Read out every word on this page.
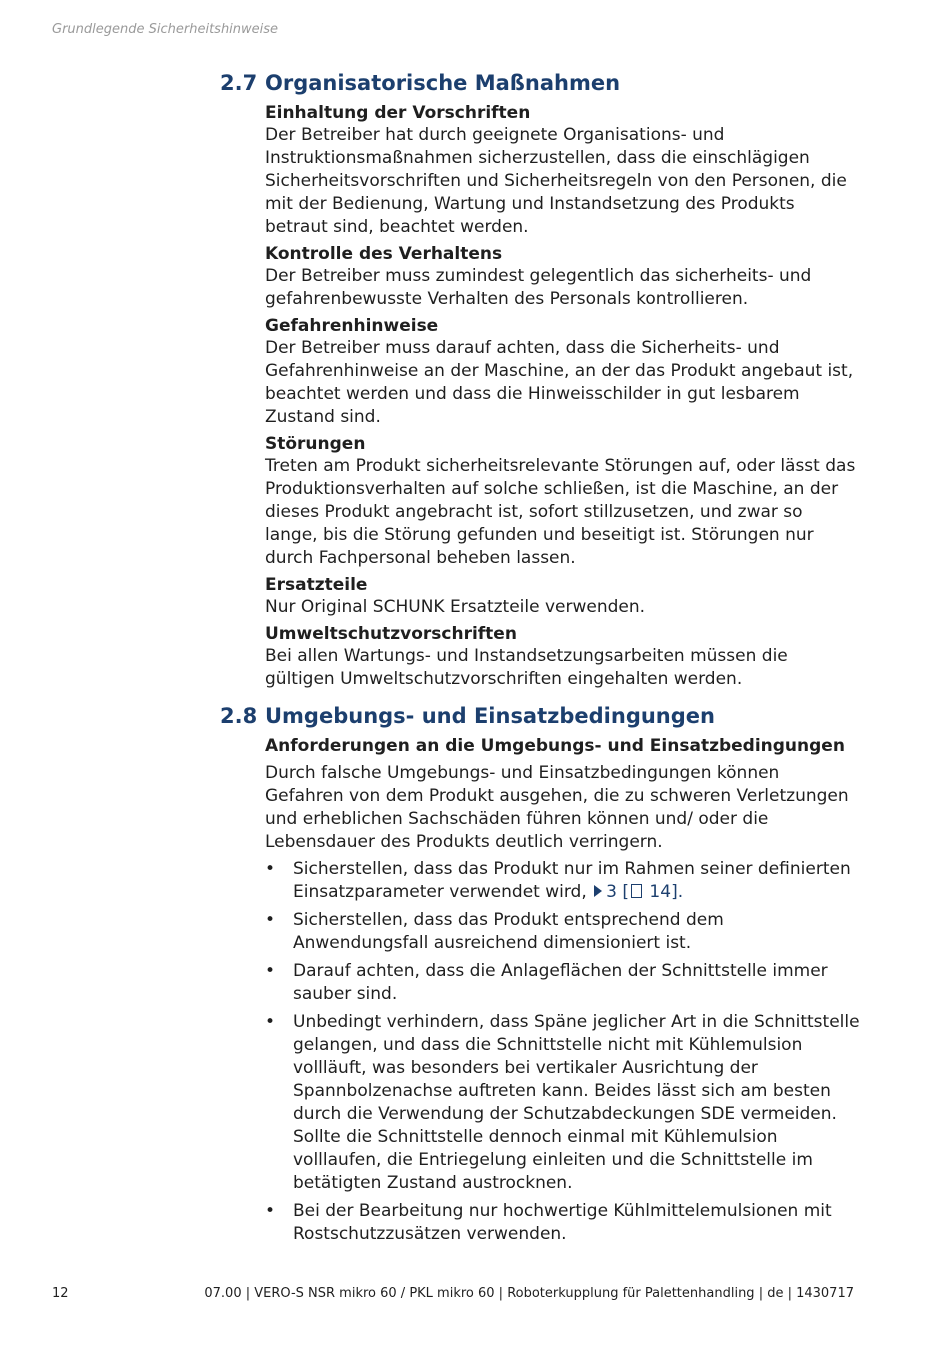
Grundlegende Sicherheitshinweise
2.7 Organisatorische Maßnahmen
Einhaltung der Vorschriften
Der Betreiber hat durch geeignete Organisations- und Instruktionsmaßnahmen sicherzustellen, dass die einschlägigen Sicherheitsvorschriften und Sicherheitsregeln von den Personen, die mit der Bedienung, Wartung und Instandsetzung des Produkts betraut sind, beachtet werden.
Kontrolle des Verhaltens
Der Betreiber muss zumindest gelegentlich das sicherheits- und gefahrenbewusste Verhalten des Personals kontrollieren.
Gefahrenhinweise
Der Betreiber muss darauf achten, dass die Sicherheits- und Gefahrenhinweise an der Maschine, an der das Produkt angebaut ist, beachtet werden und dass die Hinweisschilder in gut lesbarem Zustand sind.
Störungen
Treten am Produkt sicherheitsrelevante Störungen auf, oder lässt das Produktionsverhalten auf solche schließen, ist die Maschine, an der dieses Produkt angebracht ist, sofort stillzusetzen, und zwar so lange, bis die Störung gefunden und beseitigt ist. Störungen nur durch Fachpersonal beheben lassen.
Ersatzteile
Nur Original SCHUNK Ersatzteile verwenden.
Umweltschutzvorschriften
Bei allen Wartungs- und Instandsetzungsarbeiten müssen die gültigen Umweltschutzvorschriften eingehalten werden.
2.8 Umgebungs- und Einsatzbedingungen
Anforderungen an die Umgebungs- und Einsatzbedingungen
Durch falsche Umgebungs- und Einsatzbedingungen können Gefahren von dem Produkt ausgehen, die zu schweren Verletzungen und erheblichen Sachschäden führen können und/ oder die Lebensdauer des Produkts deutlich verringern.
• Sicherstellen, dass das Produkt nur im Rahmen seiner definierten Einsatzparameter verwendet wird, 3 [ 14].
• Sicherstellen, dass das Produkt entsprechend dem Anwendungsfall ausreichend dimensioniert ist.
• Darauf achten, dass die Anlageflächen der Schnittstelle immer sauber sind.
• Unbedingt verhindern, dass Späne jeglicher Art in die Schnittstelle gelangen, und dass die Schnittstelle nicht mit Kühlemulsion vollläuft, was besonders bei vertikaler Ausrichtung der Spannbolzenachse auftreten kann. Beides lässt sich am besten durch die Verwendung der Schutzabdeckungen SDE vermeiden. Sollte die Schnittstelle dennoch einmal mit Kühlemulsion volllaufen, die Entriegelung einleiten und die Schnittstelle im betätigten Zustand austrocknen.
• Bei der Bearbeitung nur hochwertige Kühlmittelemulsionen mit Rostschutzzusätzen verwenden.
12	07.00 | VERO-S NSR mikro 60 / PKL mikro 60 | Roboterkupplung für Palettenhandling | de | 1430717
